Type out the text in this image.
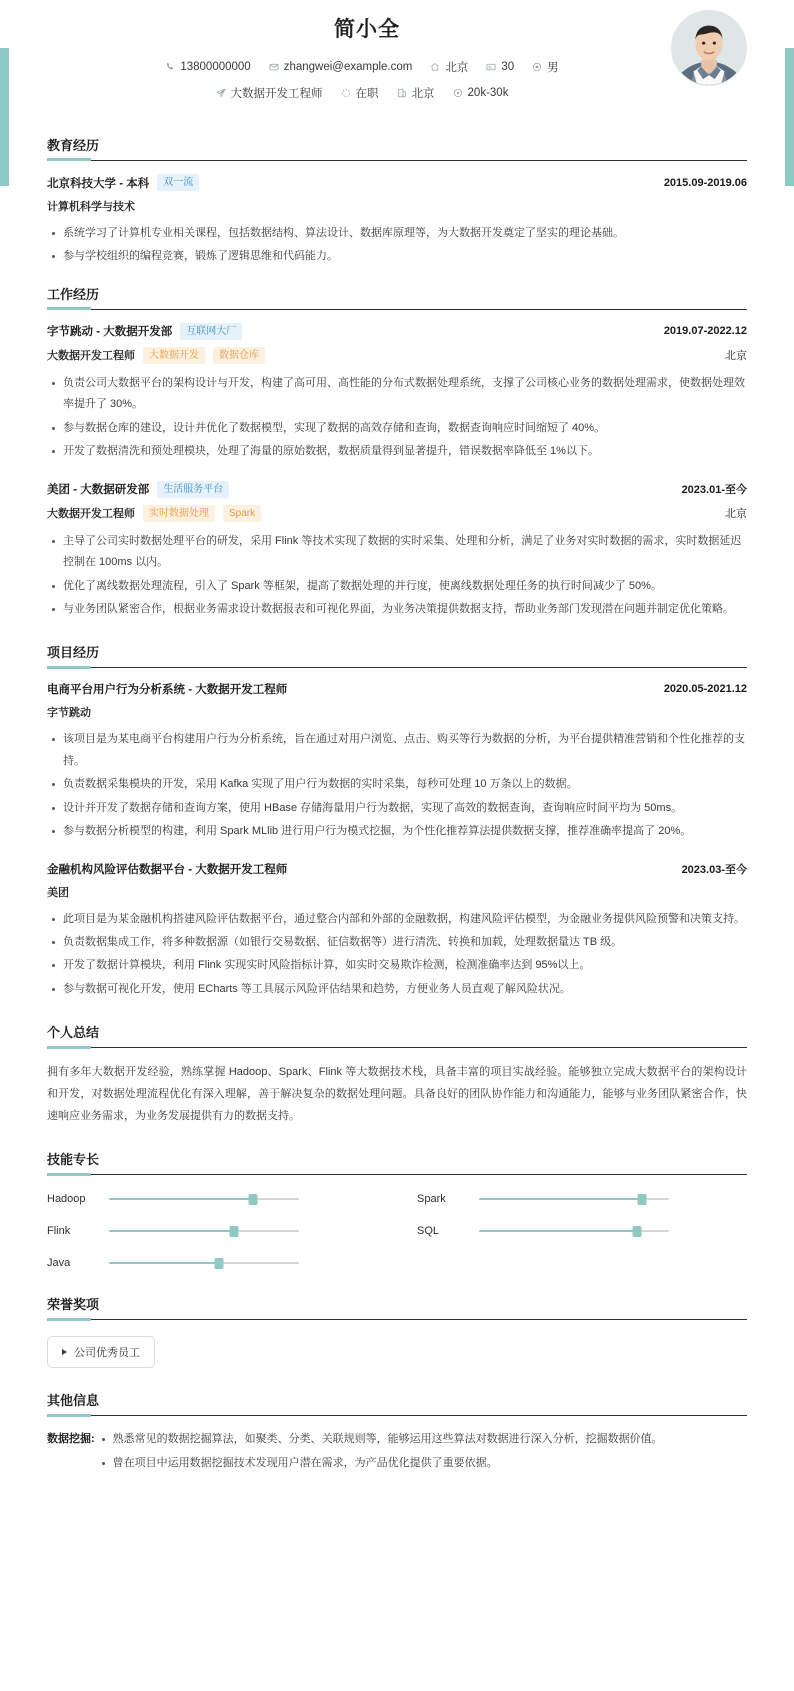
简小全
13800000000	zhangwei@example.com	北京	30	男
大数据开发工程师	在职	北京	20k-30k
教育经历
北京科技大学 - 本科	双一流	2015.09-2019.06
计算机科学与技术
系统学习了计算机专业相关课程，包括数据结构、算法设计、数据库原理等，为大数据开发奠定了坚实的理论基础。
参与学校组织的编程竞赛，锻炼了逻辑思维和代码能力。
工作经历
字节跳动 - 大数据开发部	互联网大厂	2019.07-2022.12
大数据开发工程师	大数据开发	数据仓库	北京
负责公司大数据平台的架构设计与开发，构建了高可用、高性能的分布式数据处理系统，支撑了公司核心业务的数据处理需求，使数据处理效率提升了 30%。
参与数据仓库的建设，设计并优化了数据模型，实现了数据的高效存储和查询，数据查询响应时间缩短了 40%。
开发了数据清洗和预处理模块，处理了海量的原始数据，数据质量得到显著提升，错误数据率降低至 1%以下。
美团 - 大数据研发部	生活服务平台	2023.01-至今
大数据开发工程师	实时数据处理	Spark	北京
主导了公司实时数据处理平台的研发，采用 Flink 等技术实现了数据的实时采集、处理和分析，满足了业务对实时数据的需求，实时数据延迟控制在 100ms 以内。
优化了离线数据处理流程，引入了 Spark 等框架，提高了数据处理的并行度，使离线数据处理任务的执行时间减少了 50%。
与业务团队紧密合作，根据业务需求设计数据报表和可视化界面，为业务决策提供数据支持，帮助业务部门发现潜在问题并制定优化策略。
项目经历
电商平台用户行为分析系统 - 大数据开发工程师	2020.05-2021.12
字节跳动
该项目是为某电商平台构建用户行为分析系统，旨在通过对用户浏览、点击、购买等行为数据的分析，为平台提供精准营销和个性化推荐的支持。
负责数据采集模块的开发，采用 Kafka 实现了用户行为数据的实时采集，每秒可处理 10 万条以上的数据。
设计并开发了数据存储和查询方案，使用 HBase 存储海量用户行为数据，实现了高效的数据查询，查询响应时间平均为 50ms。
参与数据分析模型的构建，利用 Spark MLlib 进行用户行为模式挖掘，为个性化推荐算法提供数据支撑，推荐准确率提高了 20%。
金融机构风险评估数据平台 - 大数据开发工程师	2023.03-至今
美团
此项目是为某金融机构搭建风险评估数据平台，通过整合内部和外部的金融数据，构建风险评估模型，为金融业务提供风险预警和决策支持。
负责数据集成工作，将多种数据源（如银行交易数据、征信数据等）进行清洗、转换和加载，处理数据量达 TB 级。
开发了数据计算模块，利用 Flink 实现实时风险指标计算，如实时交易欺诈检测，检测准确率达到 95%以上。
参与数据可视化开发，使用 ECharts 等工具展示风险评估结果和趋势，方便业务人员直观了解风险状况。
个人总结

拥有多年大数据开发经验，熟练掌握 Hadoop、Spark、Flink 等大数据技术栈，具备丰富的项目实战经验。能够独立完成大数据平台的架构设计和开发，对数据处理流程优化有深入理解，善于解决复杂的数据处理问题。具备良好的团队协作能力和沟通能力，能够与业务团队紧密合作，快速响应业务需求，为业务发展提供有力的数据支持。

技能专长
Hadoop	Spark
Flink	SQL
Java
荣誉奖项
公司优秀员工
其他信息
数据挖掘: 熟悉常见的数据挖掘算法，如聚类、分类、关联规则等，能够运用这些算法对数据进行深入分析，挖掘数据价值。
曾在项目中运用数据挖掘技术发现用户潜在需求，为产品优化提供了重要依据。
